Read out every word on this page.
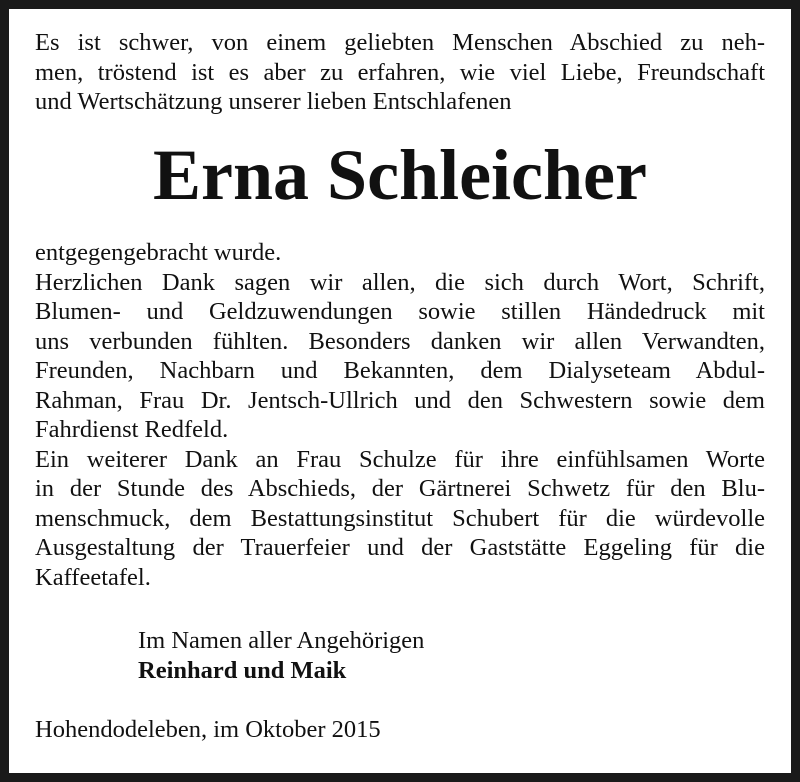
Es ist schwer, von einem geliebten Menschen Abschied zu neh-
men, tröstend ist es aber zu erfahren, wie viel Liebe, Freundschaft
und Wertschätzung unserer lieben Entschlafenen
Erna Schleicher
entgegengebracht wurde.
Herzlichen Dank sagen wir allen, die sich durch Wort, Schrift,
Blumen- und Geldzuwendungen sowie stillen Händedruck mit
uns verbunden fühlten. Besonders danken wir allen Verwandten,
Freunden, Nachbarn und Bekannten, dem Dialyseteam Abdul-
Rahman, Frau Dr. Jentsch-Ullrich und den Schwestern sowie dem
Fahrdienst Redfeld.
Ein weiterer Dank an Frau Schulze für ihre einfühlsamen Worte
in der Stunde des Abschieds, der Gärtnerei Schwetz für den Blu-
menschmuck, dem Bestattungsinstitut Schubert für die würdevolle
Ausgestaltung der Trauerfeier und der Gaststätte Eggeling für die
Kaffeetafel.
Im Namen aller Angehörigen
Reinhard und Maik
Hohendodeleben, im Oktober 2015
